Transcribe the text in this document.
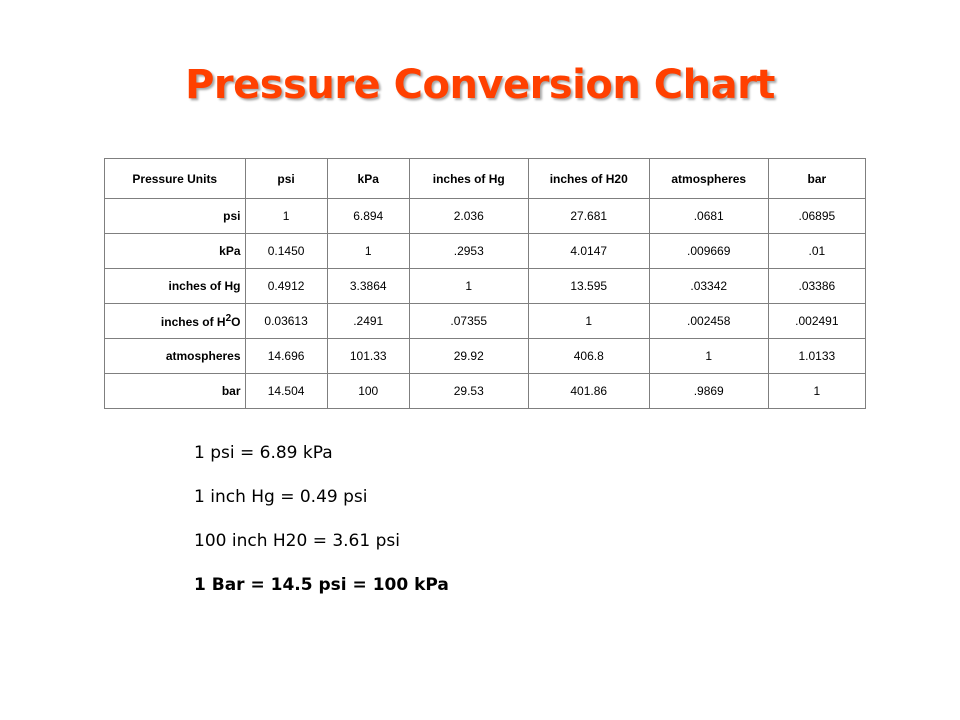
Pressure Conversion Chart
Pressure Units	psi	kPa	inches of Hg	inches of H20	atmospheres	bar
psi	1	6.894	2.036	27.681	.0681	.06895
kPa	0.1450	1	.2953	4.0147	.009669	.01
inches of Hg	0.4912	3.3864	1	13.595	.03342	.03386
inches of $H^2O$	0.03613	.2491	.07355	1	.002458	.002491
atmospheres	14.696	101.33	29.92	406.8	1	1.0133
bar	14.504	100	29.53	401.86	.9869	1
1 psi = 6.89 kPa
1 inch Hg = 0.49 psi
100 inch H20 = 3.61 psi
1 Bar = 14.5 psi = 100 kPa
